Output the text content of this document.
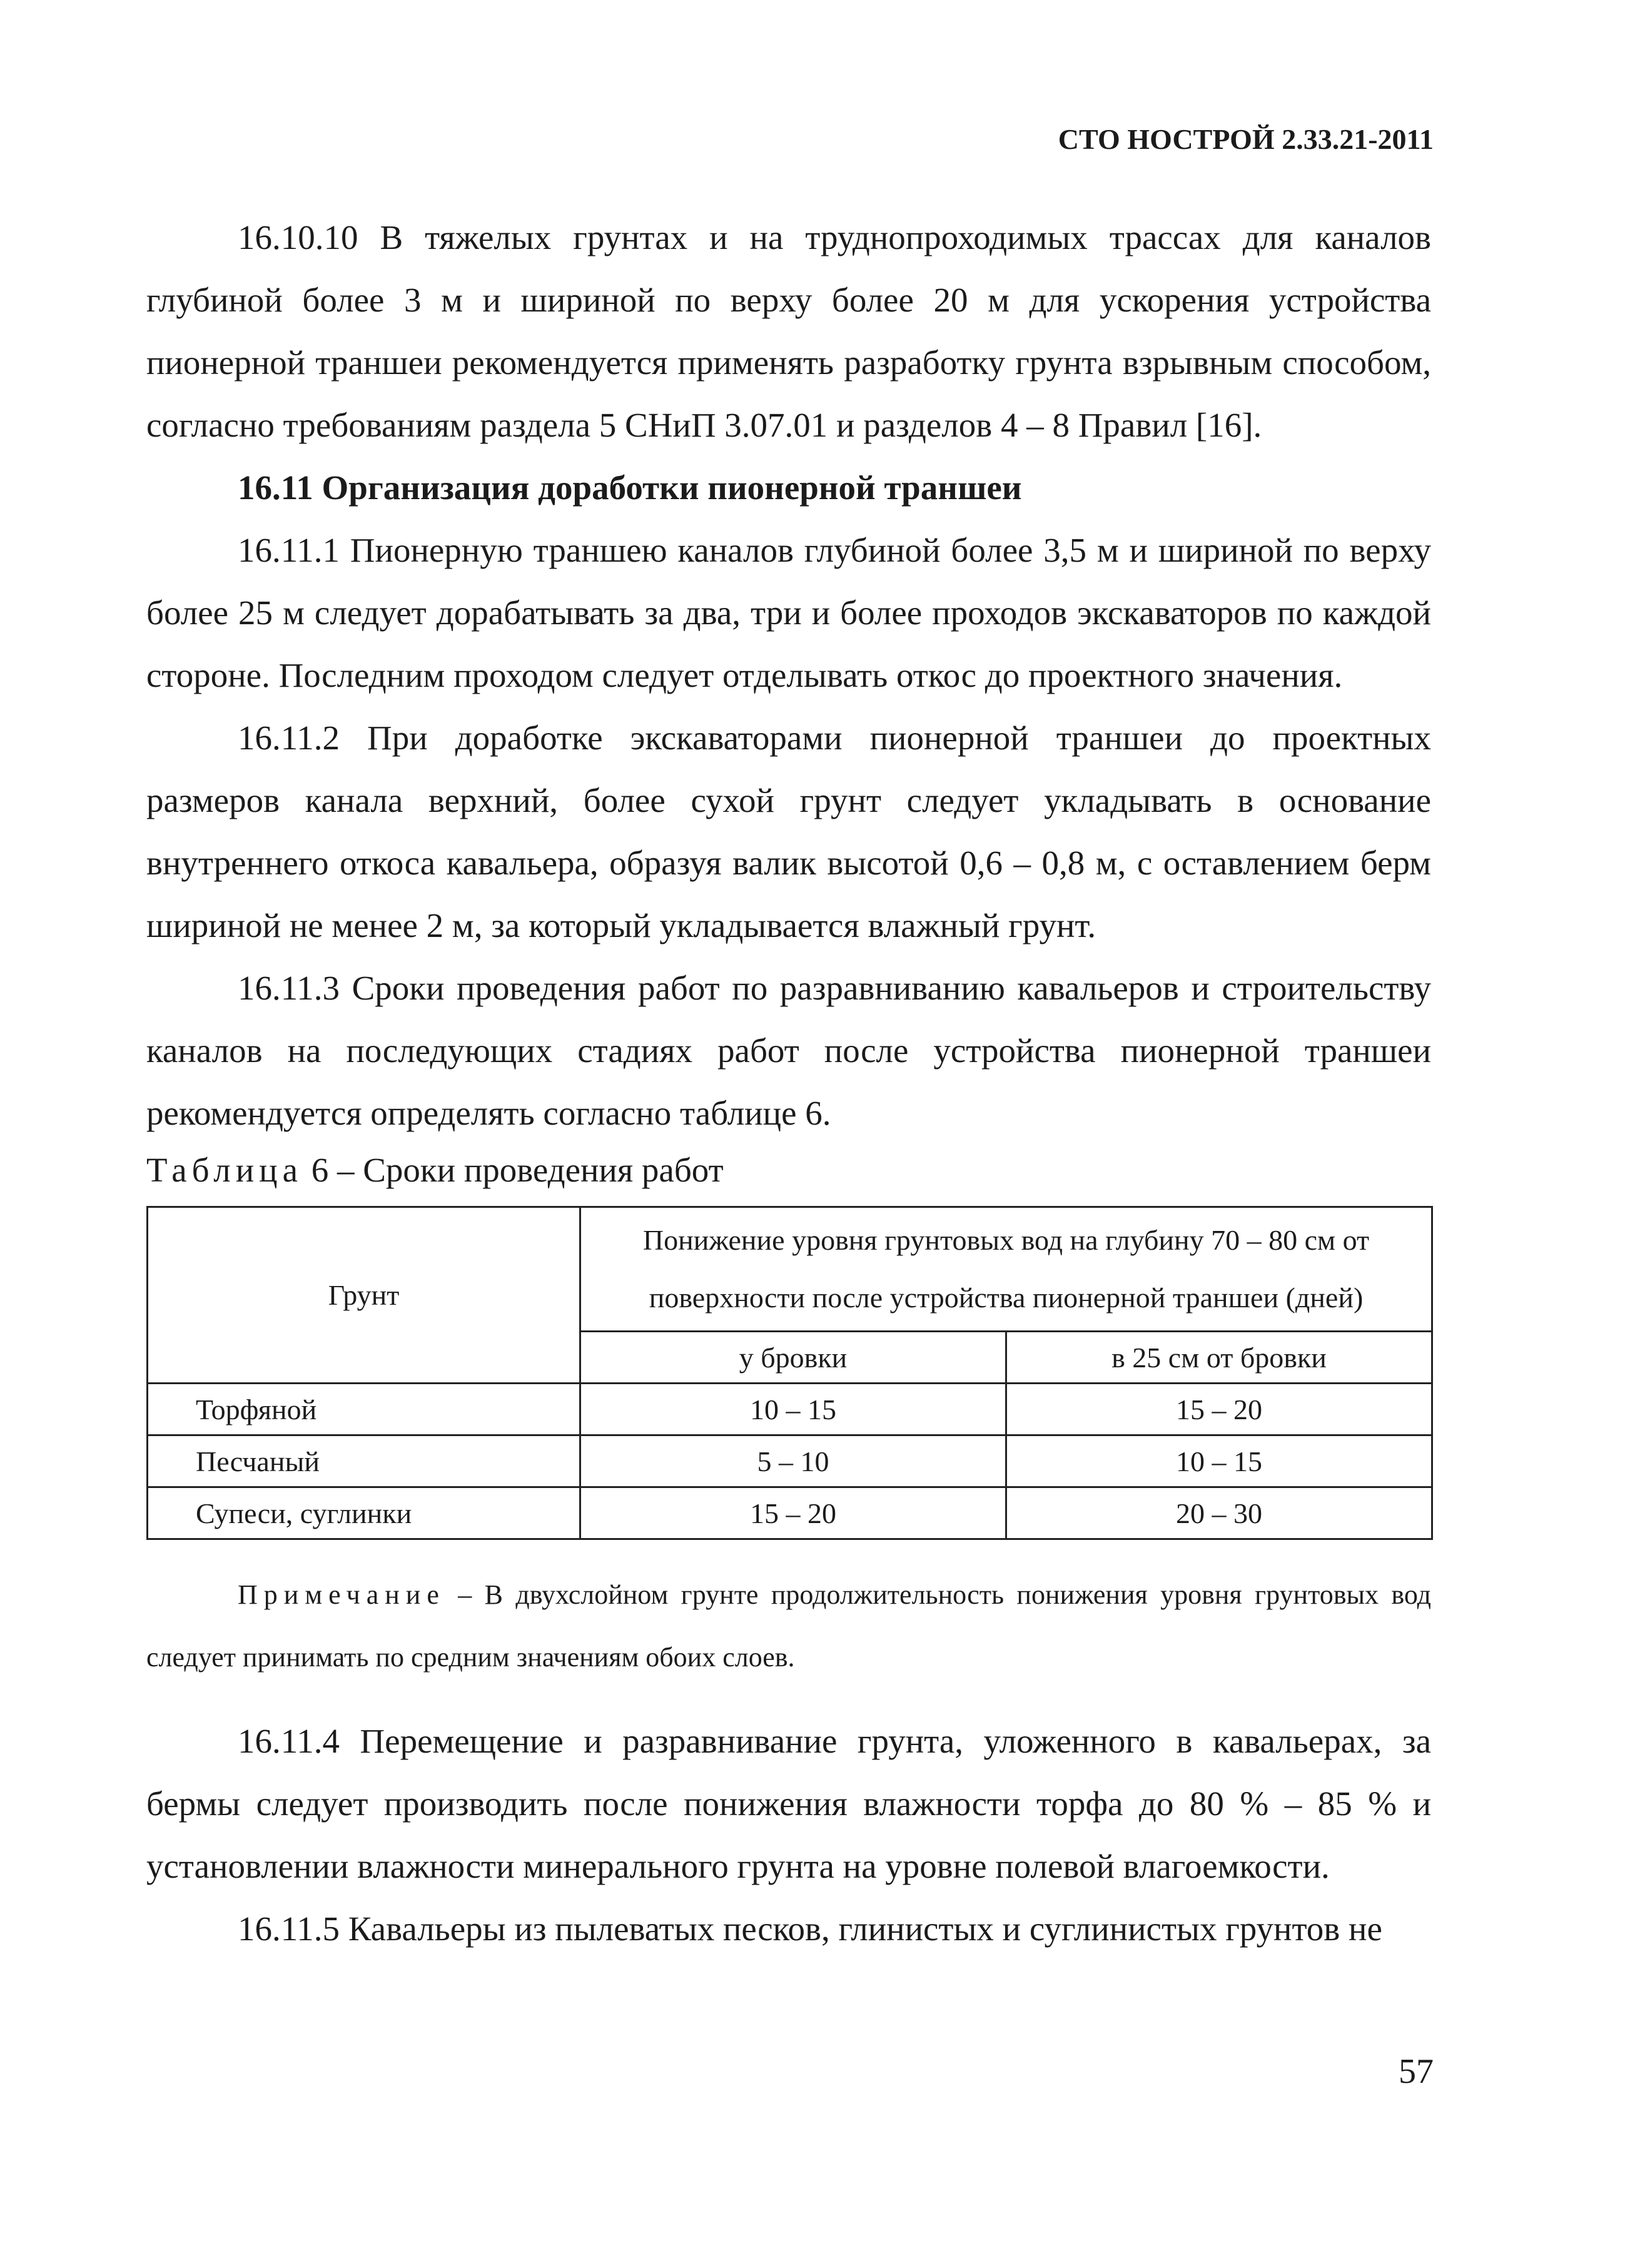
СТО НОСТРОЙ 2.33.21-2011

16.10.10 В тяжелых грунтах и на труднопроходимых трассах для каналов глубиной более 3 м и шириной по верху более 20 м для ускорения устройства пионерной траншеи рекомендуется применять разработку грунта взрывным способом, согласно требованиям раздела 5 СНиП 3.07.01 и разделов 4 – 8 Правил [16].

16.11 Организация доработки пионерной траншеи

16.11.1 Пионерную траншею каналов глубиной более 3,5 м и шириной по верху более 25 м следует дорабатывать за два, три и более проходов экскаваторов по каждой стороне. Последним проходом следует отделывать откос до проектного значения.

16.11.2 При доработке экскаваторами пионерной траншеи до проектных размеров канала верхний, более сухой грунт следует укладывать в основание внутреннего откоса кавальера, образуя валик высотой 0,6 – 0,8 м, с оставлением берм шириной не менее 2 м, за который укладывается влажный грунт.

16.11.3 Сроки проведения работ по разравниванию кавальеров и строительству каналов на последующих стадиях работ после устройства пионерной траншеи рекомендуется определять согласно таблице 6.

Таблица 6 – Сроки проведения работ

Грунт	Понижение уровня грунтовых вод на глубину 70 – 80 см от поверхности после устройства пионерной траншеи (дней)	
	у бровки	в 25 см от бровки
Торфяной	10 – 15	15 – 20
Песчаный	5 – 10	10 – 15
Супеси, суглинки	15 – 20	20 – 30

Примечание – В двухслойном грунте продолжительность понижения уровня грунтовых вод следует принимать по средним значениям обоих слоев.

16.11.4 Перемещение и разравнивание грунта, уложенного в кавальерах, за бермы следует производить после понижения влажности торфа до 80 % – 85 % и установлении влажности минерального грунта на уровне полевой влагоемкости.

16.11.5 Кавальеры из пылеватых песков, глинистых и суглинистых грунтов не

57
